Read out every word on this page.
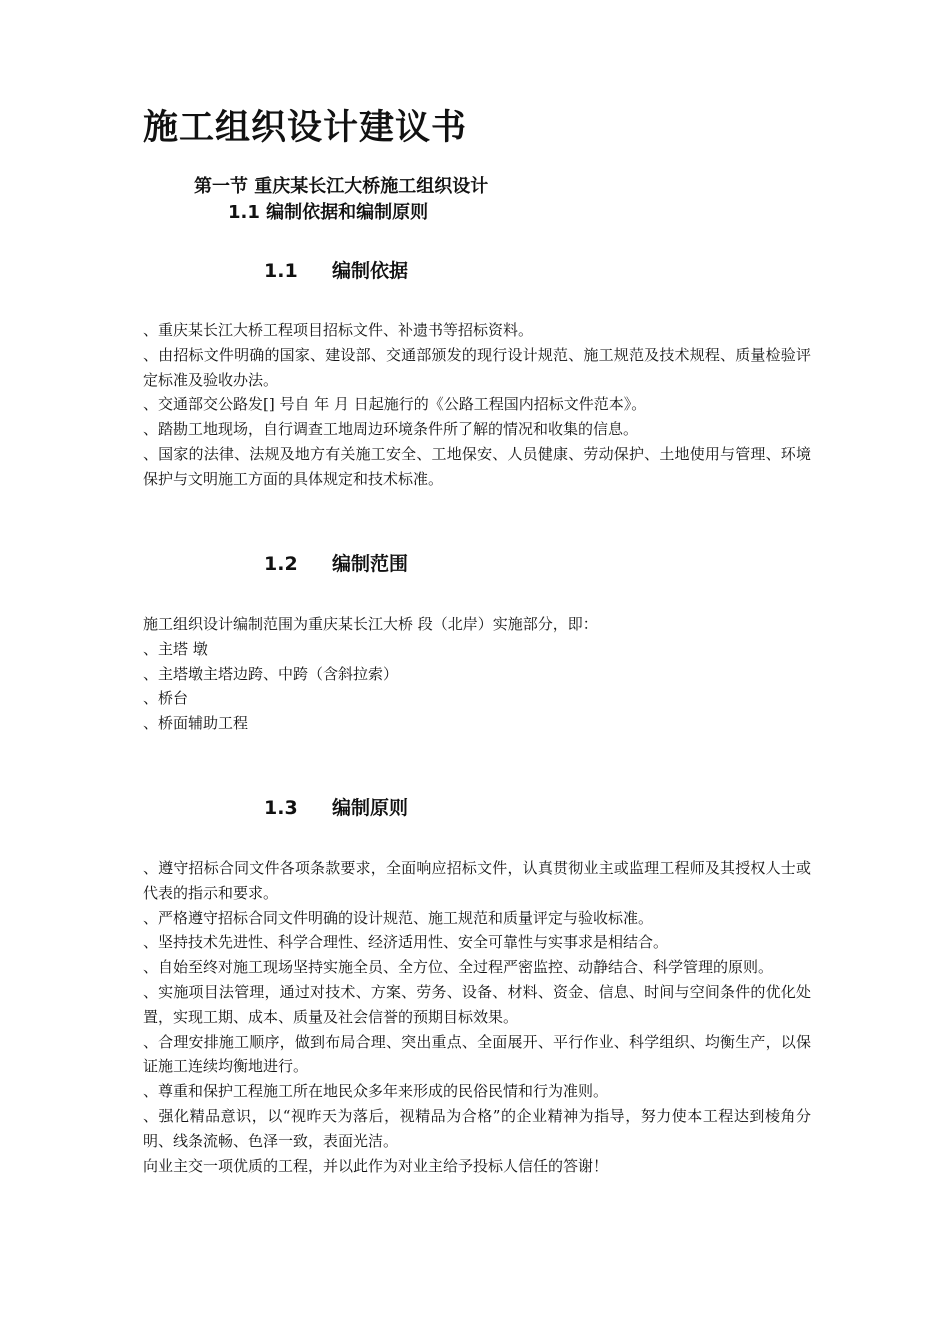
施工组织设计建议书
第一节 重庆某长江大桥施工组织设计
1.1 编制依据和编制原则
1.1 编制依据
、重庆某长江大桥工程项目招标文件、补遗书等招标资料。
、由招标文件明确的国家、建设部、交通部颁发的现行设计规范、施工规范及技术规程、质量检验评定标准及验收办法。
、交通部交公路发[] 号自 年 月 日起施行的《公路工程国内招标文件范本》。
、踏勘工地现场，自行调查工地周边环境条件所了解的情况和收集的信息。
、国家的法律、法规及地方有关施工安全、工地保安、人员健康、劳动保护、土地使用与管理、环境保护与文明施工方面的具体规定和技术标准。
1.2 编制范围
施工组织设计编制范围为重庆某长江大桥 段（北岸）实施部分，即：
、主塔 墩
、主塔墩主塔边跨、中跨（含斜拉索）
、桥台
、桥面辅助工程
1.3 编制原则
、遵守招标合同文件各项条款要求，全面响应招标文件，认真贯彻业主或监理工程师及其授权人士或代表的指示和要求。
、严格遵守招标合同文件明确的设计规范、施工规范和质量评定与验收标准。
、坚持技术先进性、科学合理性、经济适用性、安全可靠性与实事求是相结合。
、自始至终对施工现场坚持实施全员、全方位、全过程严密监控、动静结合、科学管理的原则。
、实施项目法管理，通过对技术、方案、劳务、设备、材料、资金、信息、时间与空间条件的优化处置，实现工期、成本、质量及社会信誉的预期目标效果。
、合理安排施工顺序，做到布局合理、突出重点、全面展开、平行作业、科学组织、均衡生产，以保证施工连续均衡地进行。
、尊重和保护工程施工所在地民众多年来形成的民俗民情和行为准则。
、强化精品意识，以“视昨天为落后，视精品为合格”的企业精神为指导，努力使本工程达到棱角分明、线条流畅、色泽一致，表面光洁。
向业主交一项优质的工程，并以此作为对业主给予投标人信任的答谢！
